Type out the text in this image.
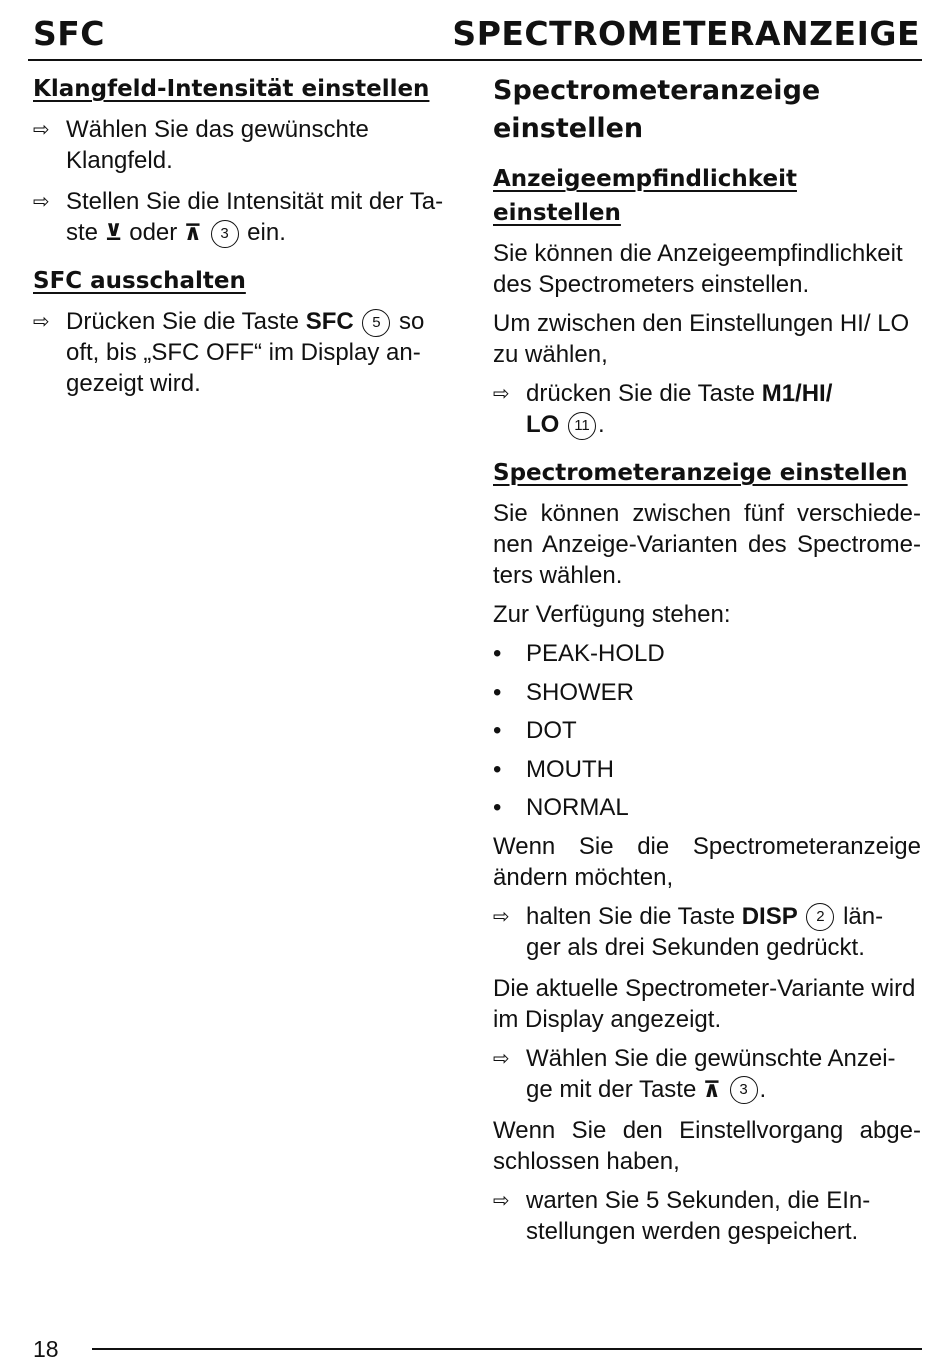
SFC	SPECTROMETERANZEIGE
Klangfeld-Intensität einstellen
⇨ Wählen Sie das gewünschte Klangfeld.
⇨ Stellen Sie die Intensität mit der Ta-
ste ⊻ oder ⊼ 3 ein.
SFC ausschalten
⇨ Drücken Sie die Taste SFC 5 so
oft, bis „SFC OFF“ im Display an-
gezeigt wird.
Spectrometeranzeige einstellen
Anzeigeempfindlichkeit
einstellen
Sie können die Anzeigeempfindlichkeit des Spectrometers einstellen.
Um zwischen den Einstellungen HI/ LO zu wählen,
⇨ drücken Sie die Taste M1/HI/
LO 11 .
Spectrometeranzeige einstellen
Sie können zwischen fünf verschiede-nen Anzeige-Varianten des Spectrome-ters wählen.
Zur Verfügung stehen:
• PEAK-HOLD
• SHOWER
• DOT
• MOUTH
• NORMAL
Wenn Sie die Spectrometeranzeige ändern möchten,
⇨ halten Sie die Taste DISP 2 län-
ger als drei Sekunden gedrückt.
Die aktuelle Spectrometer-Variante wird im Display angezeigt.
⇨ Wählen Sie die gewünschte Anzei-
ge mit der Taste ⊼ 3 .
Wenn Sie den Einstellvorgang abge-schlossen haben,
⇨ warten Sie 5 Sekunden, die EIn-
stellungen werden gespeichert.
18
